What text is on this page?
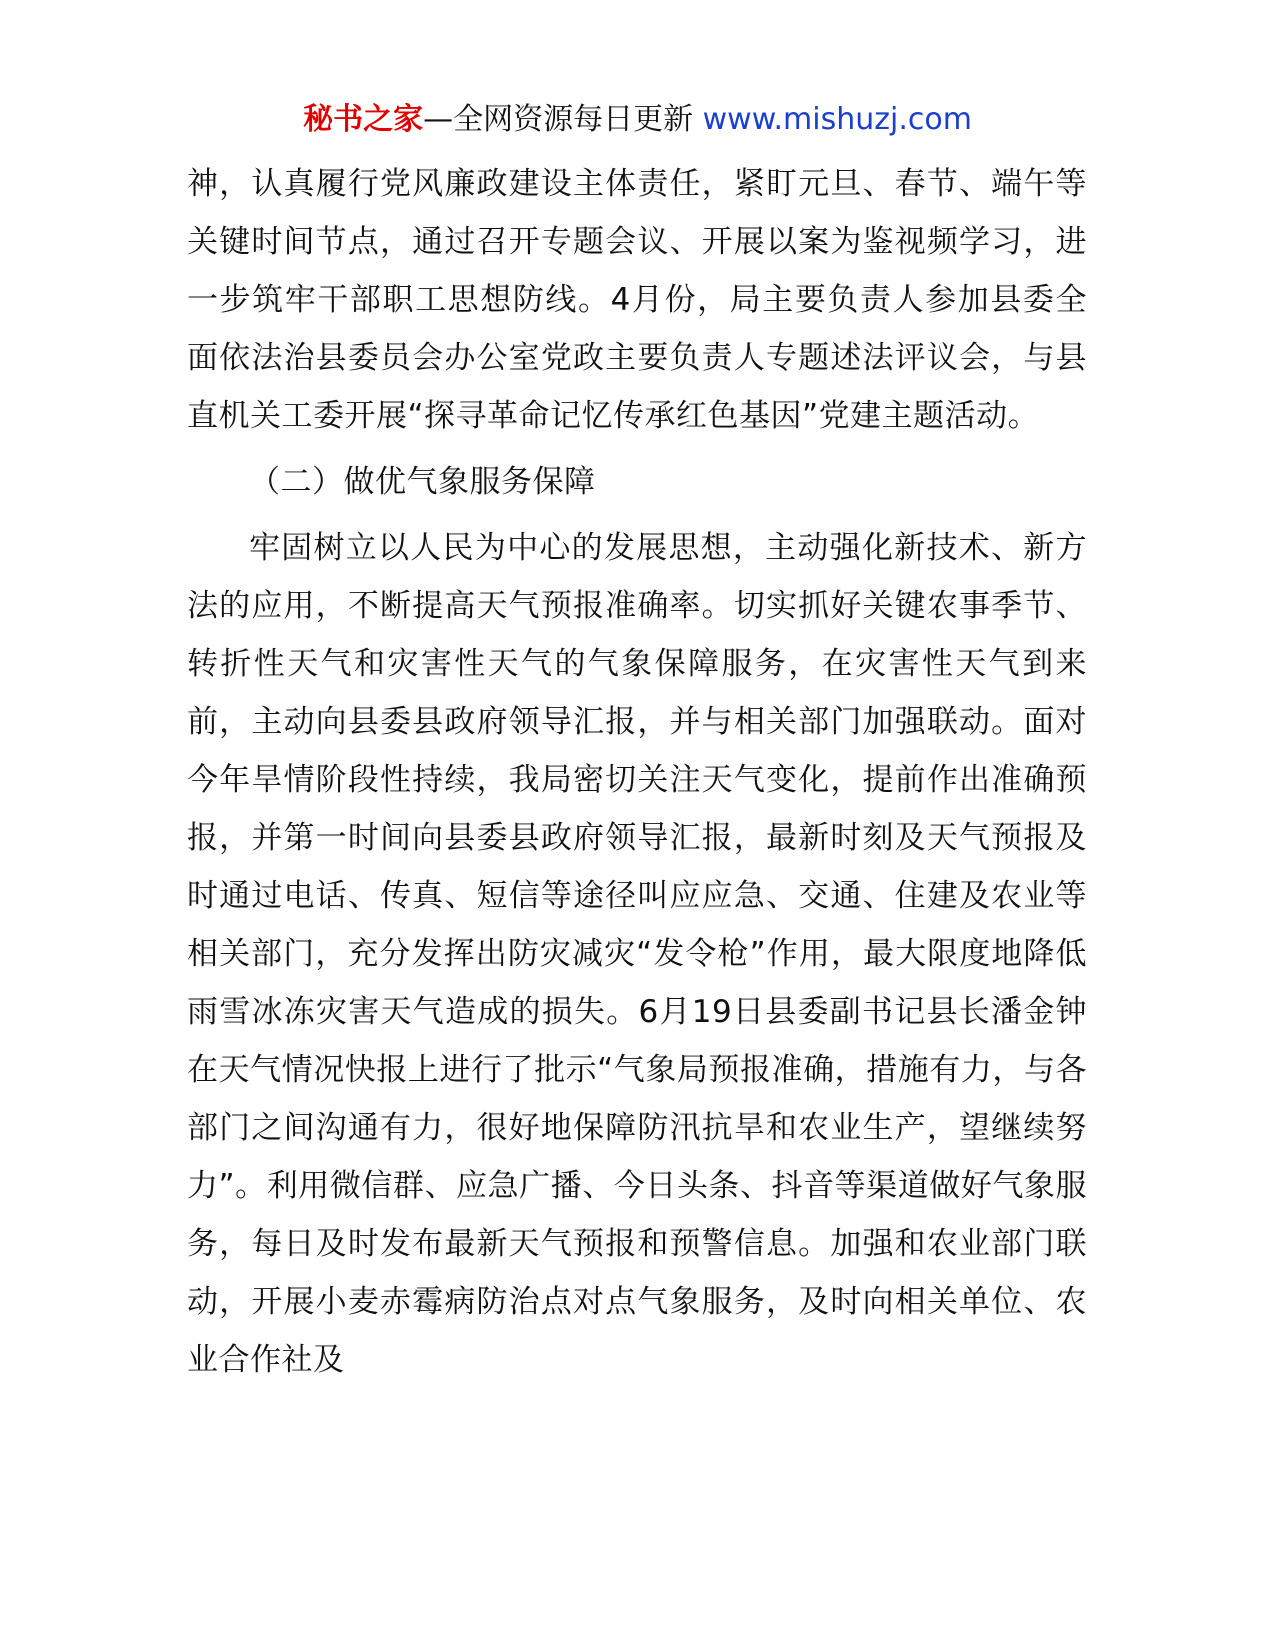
秘书之家—全网资源每日更新 www.mishuzj.com

神，认真履行党风廉政建设主体责任，紧盯元旦、春节、端午等关键时间节点，通过召开专题会议、开展以案为鉴视频学习，进一步筑牢干部职工思想防线。4月份，局主要负责人参加县委全面依法治县委员会办公室党政主要负责人专题述法评议会，与县直机关工委开展“探寻革命记忆传承红色基因”党建主题活动。

（二）做优气象服务保障

牢固树立以人民为中心的发展思想，主动强化新技术、新方法的应用，不断提高天气预报准确率。切实抓好关键农事季节、转折性天气和灾害性天气的气象保障服务，在灾害性天气到来前，主动向县委县政府领导汇报，并与相关部门加强联动。面对今年旱情阶段性持续，我局密切关注天气变化，提前作出准确预报，并第一时间向县委县政府领导汇报，最新时刻及天气预报及时通过电话、传真、短信等途径叫应应急、交通、住建及农业等相关部门，充分发挥出防灾减灾“发令枪”作用，最大限度地降低雨雪冰冻灾害天气造成的损失。6月19日县委副书记县长潘金钟在天气情况快报上进行了批示“气象局预报准确，措施有力，与各部门之间沟通有力，很好地保障防汛抗旱和农业生产，望继续努力”。利用微信群、应急广播、今日头条、抖音等渠道做好气象服务，每日及时发布最新天气预报和预警信息。加强和农业部门联动，开展小麦赤霉病防治点对点气象服务，及时向相关单位、农业合作社及
